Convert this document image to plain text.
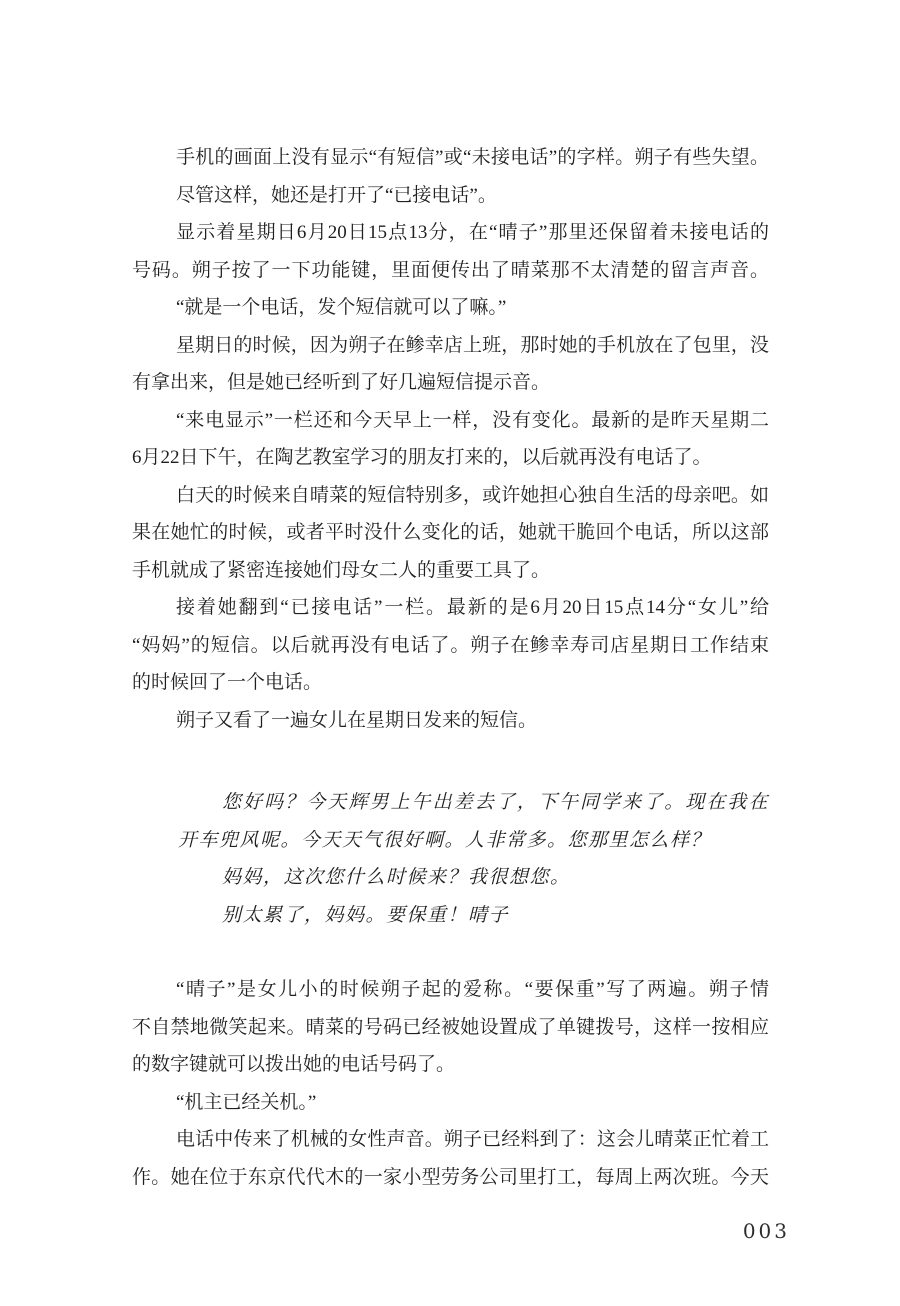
手机的画面上没有显示“有短信”或“未接电话”的字样。朔子有些失望。
尽管这样，她还是打开了“已接电话”。
显示着星期日6月20日15点13分，在“晴子”那里还保留着未接电话的
号码。朔子按了一下功能键，里面便传出了晴菜那不太清楚的留言声音。
“就是一个电话，发个短信就可以了嘛。”
星期日的时候，因为朔子在鲹幸店上班，那时她的手机放在了包里，没
有拿出来，但是她已经听到了好几遍短信提示音。
“来电显示”一栏还和今天早上一样，没有变化。最新的是昨天星期二
6月22日下午，在陶艺教室学习的朋友打来的，以后就再没有电话了。
白天的时候来自晴菜的短信特别多，或许她担心独自生活的母亲吧。如
果在她忙的时候，或者平时没什么变化的话，她就干脆回个电话，所以这部
手机就成了紧密连接她们母女二人的重要工具了。
接着她翻到“已接电话”一栏。最新的是6月20日15点14分“女儿”给
“妈妈”的短信。以后就再没有电话了。朔子在鲹幸寿司店星期日工作结束
的时候回了一个电话。
朔子又看了一遍女儿在星期日发来的短信。
您好吗？今天辉男上午出差去了，下午同学来了。现在我在
开车兜风呢。今天天气很好啊。人非常多。您那里怎么样？
妈妈，这次您什么时候来？我很想您。
别太累了，妈妈。要保重！晴子
“晴子”是女儿小的时候朔子起的爱称。“要保重”写了两遍。朔子情
不自禁地微笑起来。晴菜的号码已经被她设置成了单键拨号，这样一按相应
的数字键就可以拨出她的电话号码了。
“机主已经关机。”
电话中传来了机械的女性声音。朔子已经料到了：这会儿晴菜正忙着工
作。她在位于东京代代木的一家小型劳务公司里打工，每周上两次班。今天
003
